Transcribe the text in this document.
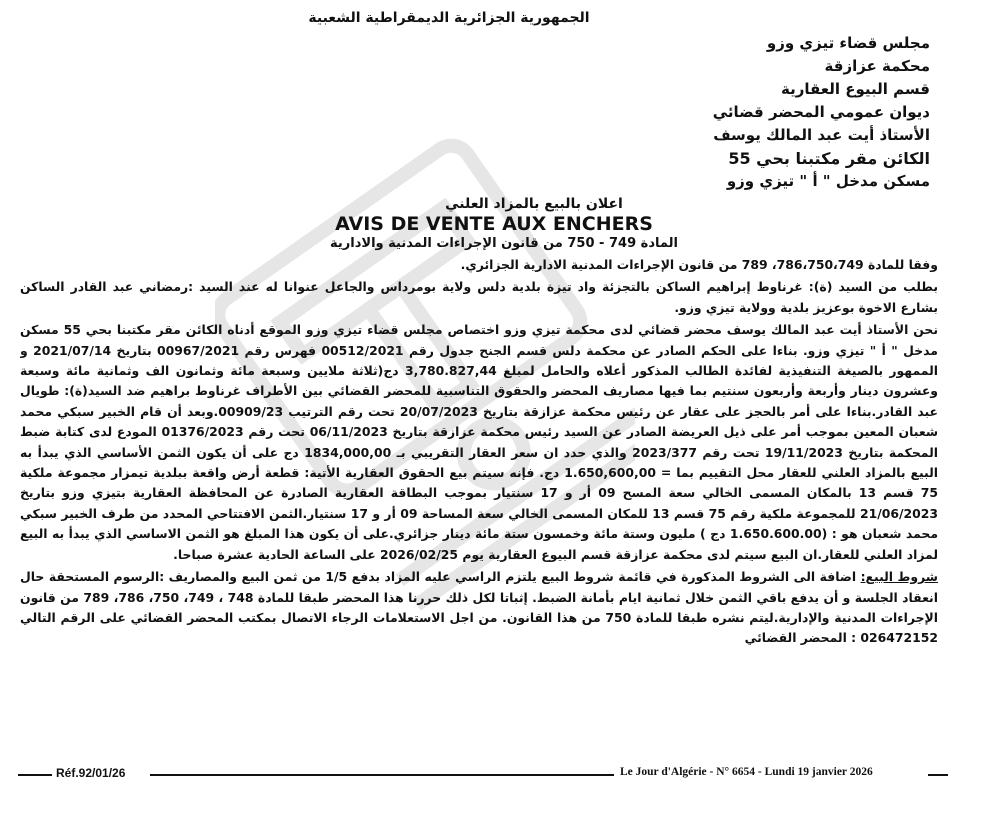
الجمهورية الجزائرية الديمقراطية الشعبية
مجلس قضاء تيزي وزو
محكمة عزازقة
قسم البيوع العقارية
ديوان عمومي المحضر قضائي
الأستاذ أيت عبد المالك يوسف
الكائن مقر مكتبنا بحي 55
مسكن مدخل " أ " تيزي وزو
اعلان بالبيع بالمزاد العلني
AVIS DE VENTE AUX ENCHERS
المادة 749 - 750 من قانون الإجراءات المدنية والادارية
وفقا للمادة 786،750،749، 789 من قانون الإجراءات المدنية الادارية الجزائري.
بطلب من السيد (ة): غرناوط إبراهيم الساكن بالتجزئة واد تيزة بلدية دلس ولاية بومرداس والجاعل عنوانا له عند السيد :رمضاني عبد القادر الساكن بشارع الاخوة بوعزيز بلدية وولاية تيزي وزو.
نحن الأستاذ أيت عبد المالك يوسف محضر قضائي لدى محكمة تيزي وزو اختصاص مجلس قضاء تيزي وزو الموقع أدناه الكائن مقر مكتبنا بحي 55 مسكن مدخل " أ " تيزي وزو. بناءا على الحكم الصادر عن محكمة دلس قسم الجنح جدول رقم 00512/2021 فهرس رقم 00967/2021 بتاريخ 2021/07/14 و الممهور بالصيغة التنفيذية لفائدة الطالب المذكور أعلاه والحامل لمبلغ 3,780.827,44 دج(ثلاثة ملايين وسبعة مائة وثمانون الف وثمانية مائة وسبعة وعشرون دينار وأربعة وأربعون سنتيم بما فيها مصاريف المحضر والحقوق التناسبية للمحضر القضائي بين الأطراف غرناوط براهيم ضد السيد(ة): طويال عبد القادر.بناءا على أمر بالحجز على عقار عن رئيس محكمة عزازقة بتاريخ 20/07/2023 تحت رقم الترتيب 00909/23.وبعد أن قام الخبير سبكي محمد شعبان المعين بموجب أمر على ذيل العريضة الصادر عن السيد رئيس محكمة عزازقة بتاريخ 06/11/2023 تحت رقم 01376/2023 المودع لدى كتابة ضبط المحكمة بتاريخ 19/11/2023 تحت رقم 2023/377 والذي حدد ان سعر العقار التقريبي بـ 1834,000,00 دج على أن يكون الثمن الأساسي الذي يبدأ به البيع بالمزاد العلني للعقار محل التقييم بما = 1.650,600,00 دج. فإنه سيتم بيع الحقوق العقارية الأتية: قطعة أرض واقعة ببلدية تيمزار مجموعة ملكية 75 قسم 13 بالمكان المسمى الخالي سعة المسح 09 أر و 17 سنتيار بموجب البطاقة العقارية الصادرة عن المحافظة العقارية بتيزي وزو بتاريخ 21/06/2023 للمجموعة ملكية رقم 75 قسم 13 للمكان المسمى الخالي سعة المساحة 09 أر و 17 سنتيار.الثمن الافتتاحي المحدد من طرف الخبير سبكي محمد شعبان هو : (1.650.600.00 دج ) مليون وستة مائة وخمسون ستة مائة دينار جزائري.على أن يكون هذا المبلغ هو الثمن الاساسي الذي يبدأ به البيع لمزاد العلني للعقار.ان البيع سيتم لدى محكمة عزازقة قسم البيوع العقارية يوم 2026/02/25 على الساعة الحادية عشرة صباحا.
شروط البيع: اضافة الى الشروط المذكورة في قائمة شروط البيع يلتزم الراسي عليه المزاد بدفع 1/5 من ثمن البيع والمصاريف :الرسوم المستحقة حال انعقاد الجلسة و أن يدفع باقي الثمن خلال ثمانية ايام بأمانة الضبط. إثباتا لكل ذلك حررنا هذا المحضر طبقا للمادة 748 ، 749، 750، 786، 789 من قانون الإجراءات المدنية والإدارية.ليتم نشره طبقا للمادة 750 من هذا القانون. من اجل الاستعلامات الرجاء الاتصال بمكتب المحضر القضائي على الرقم التالي 026472152 : المحضر القضائي
Réf.92/01/26	Le Jour d'Algérie - N° 6654 - Lundi 19 janvier 2026
